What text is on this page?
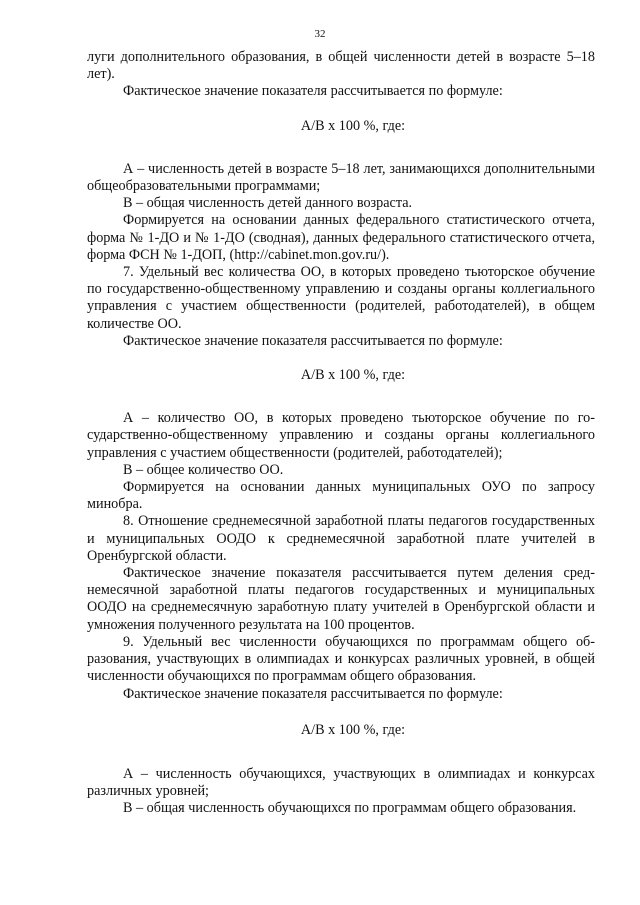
32

луги дополнительного образования, в общей численности детей в возрасте 5–18 лет).

Фактическое значение показателя рассчитывается по формуле:

А/В х 100 %, где:

А – численность детей в возрасте 5–18 лет, занимающихся дополнительными общеобразовательными программами;

В – общая численность детей данного возраста.

Формируется на основании данных федерального статистического отчета, форма № 1-ДО и № 1-ДО (сводная), данных федерального статистического отчета, форма ФСН № 1-ДОП, (http://cabinet.mon.gov.ru/).

7. Удельный вес количества ОО, в которых проведено тьюторское обучение по государственно-общественному управлению и созданы органы коллегиального управления с участием общественности (родителей, работодателей), в общем количестве ОО.

Фактическое значение показателя рассчитывается по формуле:

А/В х 100 %, где:

А – количество ОО, в которых проведено тьюторское обучение по государственно-общественному управлению и созданы органы коллегиального управления с участием общественности (родителей, работодателей);

В – общее количество ОО.

Формируется на основании данных муниципальных ОУО по запросу минобра.

8. Отношение среднемесячной заработной платы педагогов государственных и муниципальных ООДО к среднемесячной заработной плате учителей в Оренбургской области.

Фактическое значение показателя рассчитывается путем деления среднемесячной заработной платы педагогов государственных и муниципальных ООДО на среднемесячную заработную плату учителей в Оренбургской области и умножения полученного результата на 100 процентов.

9. Удельный вес численности обучающихся по программам общего образования, участвующих в олимпиадах и конкурсах различных уровней, в общей численности обучающихся по программам общего образования.

Фактическое значение показателя рассчитывается по формуле:

А/В х 100 %, где:

А – численность обучающихся, участвующих в олимпиадах и конкурсах различных уровней;

В – общая численность обучающихся по программам общего образования.
